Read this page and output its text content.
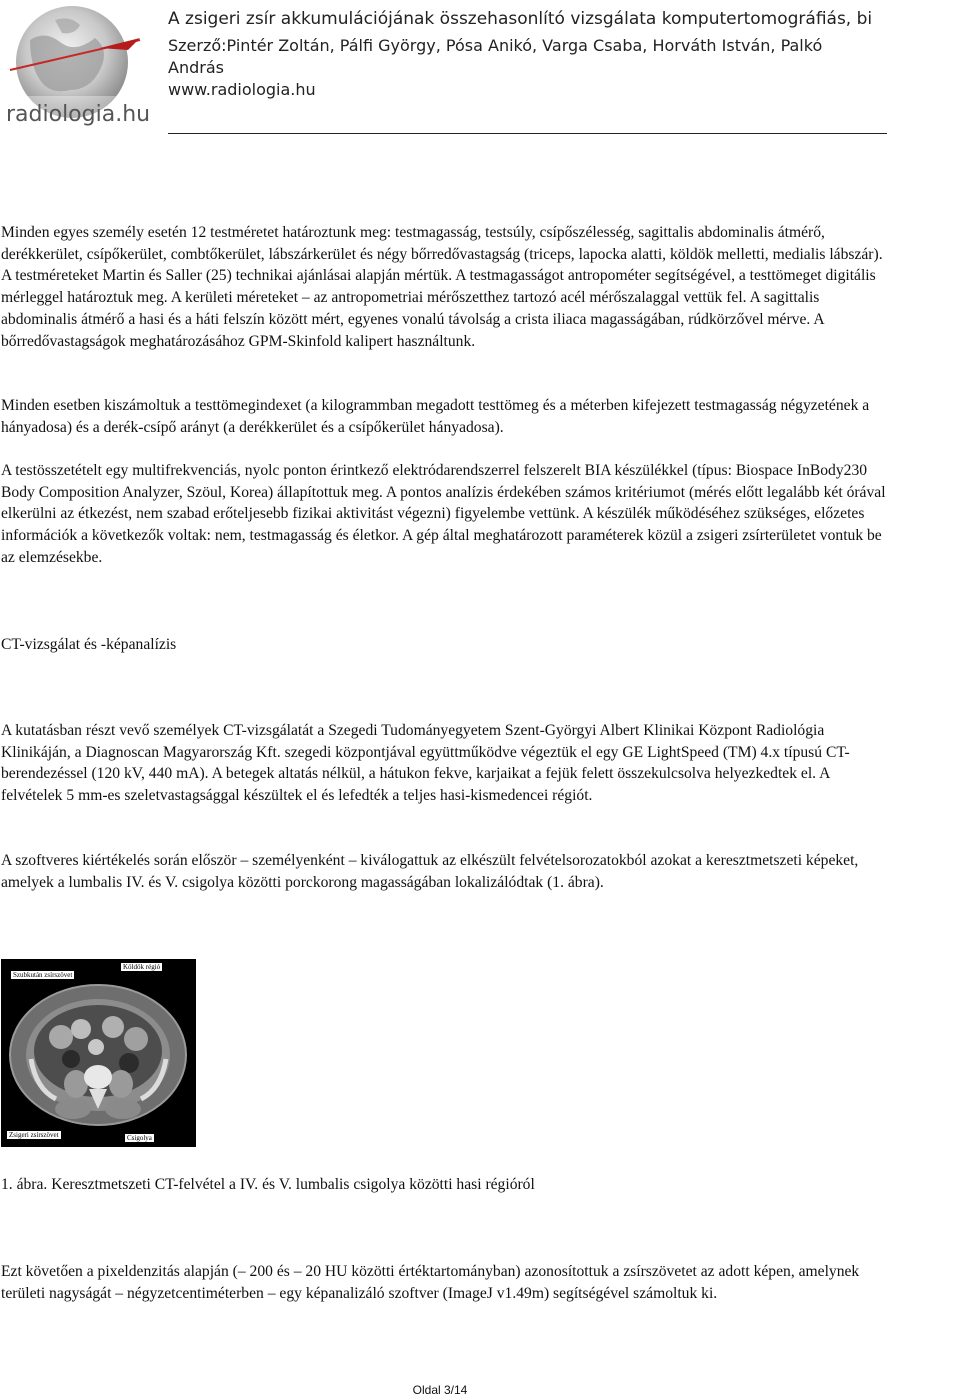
radiologia.hu
A zsigeri zsír akkumulációjának összehasonlító vizsgálata komputertomográfiás, bi
Szerző:Pintér Zoltán, Pálfi György, Pósa Anikó, Varga Csaba, Horváth István, Palkó András
www.radiologia.hu

Minden egyes személy esetén 12 testméretet határoztunk meg: testmagasság, testsúly, csípőszélesség, sagittalis abdominalis átmérő, derékkerület, csípőkerület, combtőkerület, lábszárkerület és négy bőrredővastagság (triceps, lapocka alatti, köldök melletti, medialis lábszár). A testméreteket Martin és Saller (25) technikai ajánlásai alapján mértük. A testmagasságot antropométer segítségével, a testtömeget digitális mérleggel határoztuk meg. A kerületi méreteket – az antropometriai mérőszetthez tartozó acél mérőszalaggal vettük fel. A sagittalis abdominalis átmérő a hasi és a háti felszín között mért, egyenes vonalú távolság a crista iliaca magasságában, rúdkörzővel mérve. A bőrredővastagságok meghatározásához GPM-Skinfold kalipert használtunk.

Minden esetben kiszámoltuk a testtömegindexet (a kilogrammban megadott testtömeg és a méterben kifejezett testmagasság négyzetének a hányadosa) és a derék-csípő arányt (a derékkerület és a csípőkerület hányadosa).

A testösszetételt egy multifrekvenciás, nyolc ponton érintkező elektródarendszerrel felszerelt BIA készülékkel (típus: Biospace InBody230 Body Composition Analyzer, Szöul, Korea) állapítottuk meg. A pontos analízis érdekében számos kritériumot (mérés előtt legalább két órával elkerülni az étkezést, nem szabad erőteljesebb fizikai aktivitást végezni) figyelembe vettünk. A készülék működéséhez szükséges, előzetes információk a következők voltak: nem, testmagasság és életkor. A gép által meghatározott paraméterek közül a zsigeri zsírterületet vontuk be az elemzésekbe.

CT-vizsgálat és -képanalízis

A kutatásban részt vevő személyek CT-vizsgálatát a Szegedi Tudományegyetem Szent-Györgyi Albert Klinikai Központ Radiológia Klinikáján, a Diagnoscan Magyarország Kft. szegedi központjával együttműködve végeztük el egy GE LightSpeed (TM) 4.x típusú CT-berendezéssel (120 kV, 440 mA). A betegek altatás nélkül, a hátukon fekve, karjaikat a fejük felett összekulcsolva helyezkedtek el. A felvételek 5 mm-es szeletvastagsággal készültek el és lefedték a teljes hasi-kismedencei régiót.

A szoftveres kiértékelés során először – személyenként – kiválogattuk az elkészült felvételsorozatokból azokat a keresztmetszeti képeket, amelyek a lumbalis IV. és V. csigolya közötti porckorong magasságában lokalizálódtak (1. ábra).

Szubkután zsírszövet
Köldök régió
Zsigeri zsírszövet	Csigolya
1. ábra. Keresztmetszeti CT-felvétel a IV. és V. lumbalis csigolya közötti hasi régióról

Ezt követően a pixeldenzitás alapján (– 200 és – 20 HU közötti értéktartományban) azonosítottuk a zsírszövetet az adott képen, amelynek területi nagyságát – négyzetcentiméterben – egy képanalizáló szoftver (ImageJ v1.49m) segítségével számoltuk ki.

Oldal 3/14
